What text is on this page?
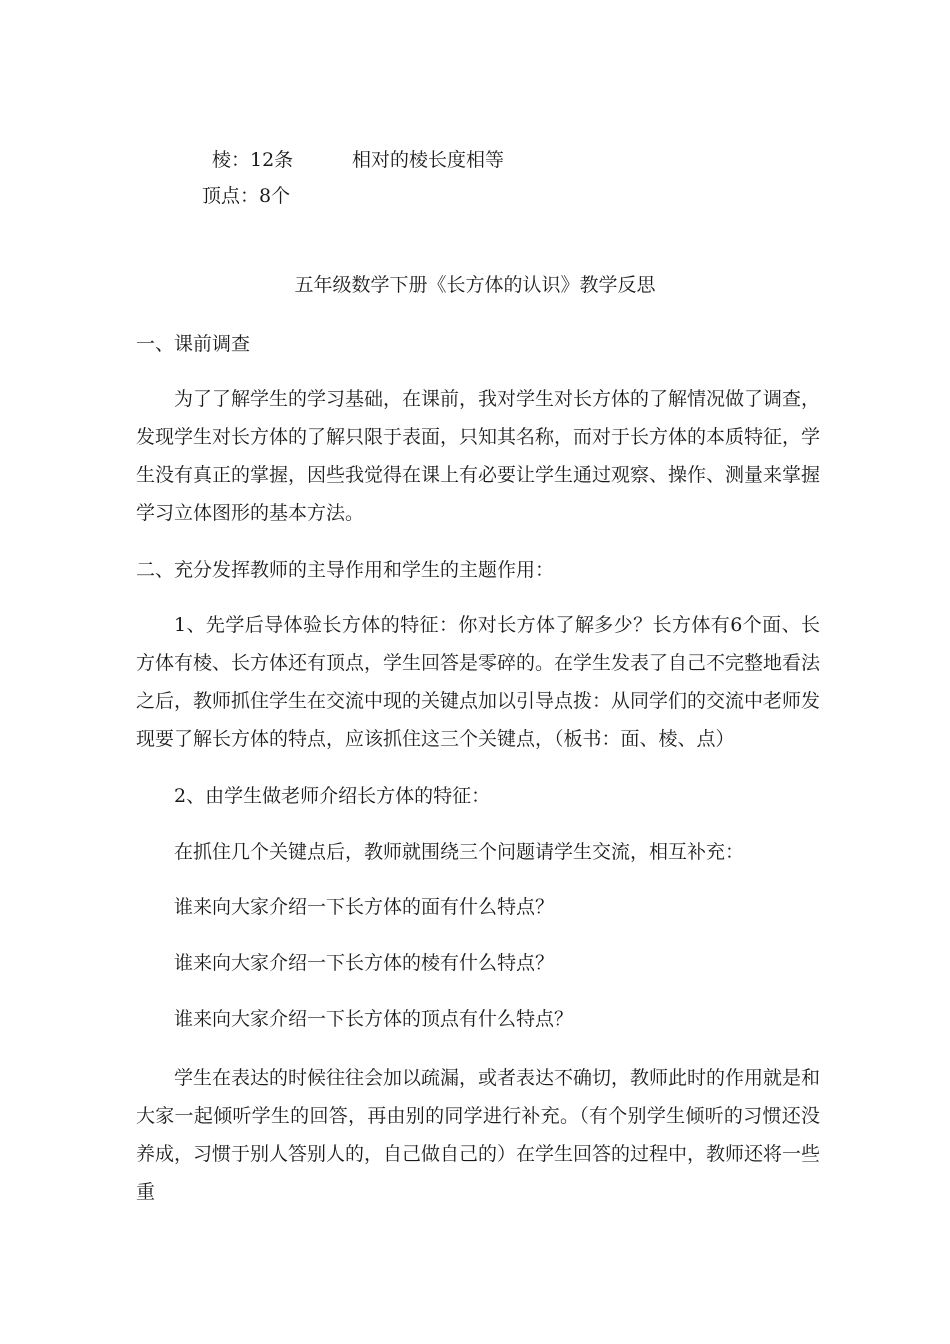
棱：12条	相对的棱长度相等
顶点：8个
五年级数学下册《长方体的认识》教学反思
一、课前调查
为了了解学生的学习基础，在课前，我对学生对长方体的了解情况做了调查，发现学生对长方体的了解只限于表面，只知其名称，而对于长方体的本质特征，学生没有真正的掌握，因些我觉得在课上有必要让学生通过观察、操作、测量来掌握学习立体图形的基本方法。
二、充分发挥教师的主导作用和学生的主题作用：
1、先学后导体验长方体的特征：你对长方体了解多少？长方体有6个面、长方体有棱、长方体还有顶点，学生回答是零碎的。在学生发表了自己不完整地看法之后，教师抓住学生在交流中现的关键点加以引导点拨：从同学们的交流中老师发现要了解长方体的特点，应该抓住这三个关键点，（板书：面、棱、点）
2、由学生做老师介绍长方体的特征：
在抓住几个关键点后，教师就围绕三个问题请学生交流，相互补充：
谁来向大家介绍一下长方体的面有什么特点？
谁来向大家介绍一下长方体的棱有什么特点？
谁来向大家介绍一下长方体的顶点有什么特点？
学生在表达的时候往往会加以疏漏，或者表达不确切，教师此时的作用就是和大家一起倾听学生的回答，再由别的同学进行补充。（有个别学生倾听的习惯还没养成，习惯于别人答别人的，自己做自己的）在学生回答的过程中，教师还将一些重
